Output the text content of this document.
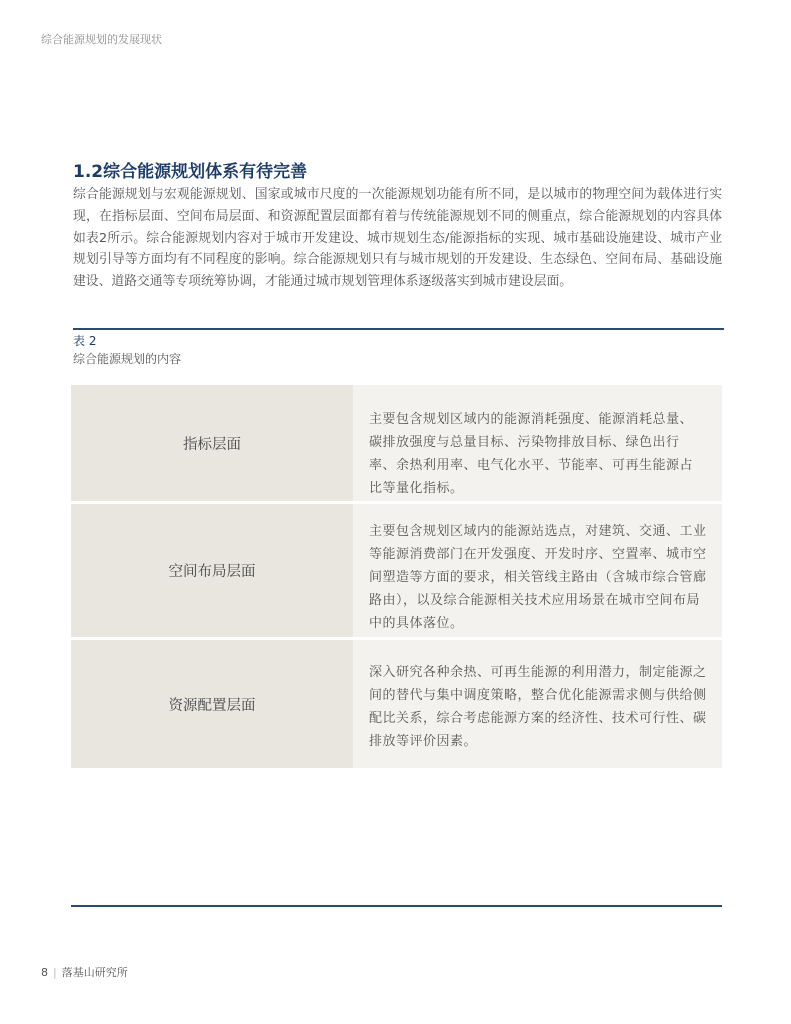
综合能源规划的发展现状
1.2综合能源规划体系有待完善
综合能源规划与宏观能源规划、国家或城市尺度的一次能源规划功能有所不同，是以城市的物理空间为载体进行实
现，在指标层面、空间布局层面、和资源配置层面都有着与传统能源规划不同的侧重点，综合能源规划的内容具体
如表2所示。综合能源规划内容对于城市开发建设、城市规划生态/能源指标的实现、城市基础设施建设、城市产业
规划引导等方面均有不同程度的影响。综合能源规划只有与城市规划的开发建设、生态绿色、空间布局、基础设施
建设、道路交通等专项统筹协调，才能通过城市规划管理体系逐级落实到城市建设层面。
表 2
综合能源规划的内容
指标层面
主要包含规划区域内的能源消耗强度、能源消耗总量、
碳排放强度与总量目标、污染物排放目标、绿色出行
率、余热利用率、电气化水平、节能率、可再生能源占
比等量化指标。
空间布局层面
主要包含规划区域内的能源站选点，对建筑、交通、工业
等能源消费部门在开发强度、开发时序、空置率、城市空
间塑造等方面的要求，相关管线主路由（含城市综合管廊
路由），以及综合能源相关技术应用场景在城市空间布局
中的具体落位。
资源配置层面
深入研究各种余热、可再生能源的利用潜力，制定能源之
间的替代与集中调度策略，整合优化能源需求侧与供给侧
配比关系，综合考虑能源方案的经济性、技术可行性、碳
排放等评价因素。
8 | 落基山研究所
